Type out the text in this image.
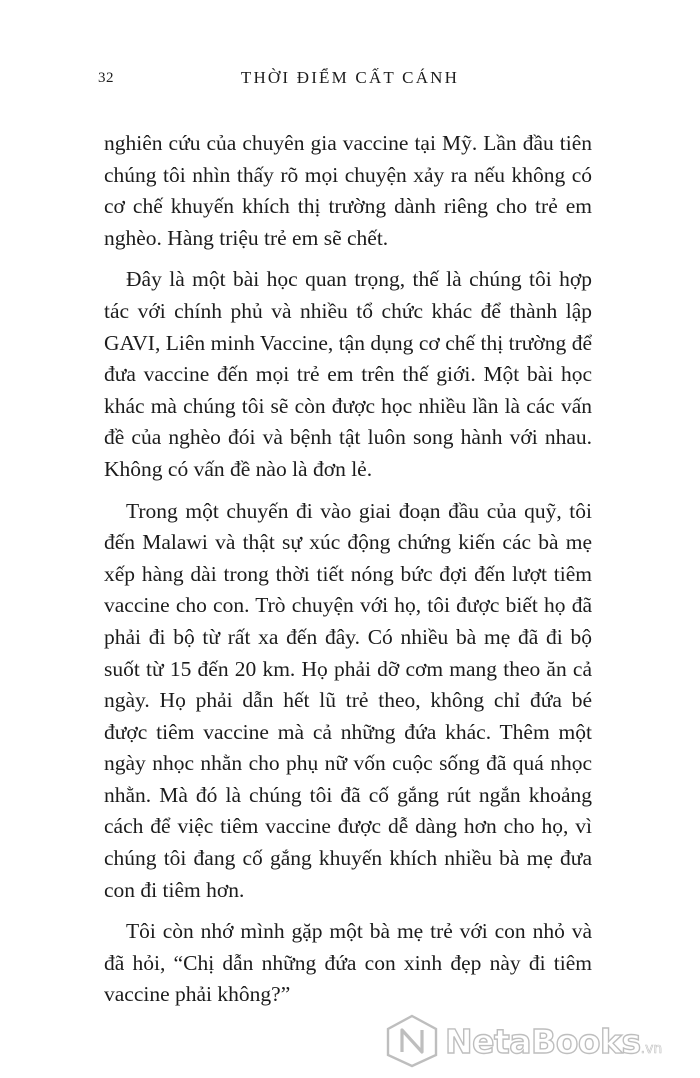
32	THỜI ĐIỂM CẤT CÁNH

nghiên cứu của chuyên gia vaccine tại Mỹ. Lần đầu tiên chúng tôi nhìn thấy rõ mọi chuyện xảy ra nếu không có cơ chế khuyến khích thị trường dành riêng cho trẻ em nghèo. Hàng triệu trẻ em sẽ chết.

Đây là một bài học quan trọng, thế là chúng tôi hợp tác với chính phủ và nhiều tổ chức khác để thành lập GAVI, Liên minh Vaccine, tận dụng cơ chế thị trường để đưa vaccine đến mọi trẻ em trên thế giới. Một bài học khác mà chúng tôi sẽ còn được học nhiều lần là các vấn đề của nghèo đói và bệnh tật luôn song hành với nhau. Không có vấn đề nào là đơn lẻ.

Trong một chuyến đi vào giai đoạn đầu của quỹ, tôi đến Malawi và thật sự xúc động chứng kiến các bà mẹ xếp hàng dài trong thời tiết nóng bức đợi đến lượt tiêm vaccine cho con. Trò chuyện với họ, tôi được biết họ đã phải đi bộ từ rất xa đến đây. Có nhiều bà mẹ đã đi bộ suốt từ 15 đến 20 km. Họ phải dỡ cơm mang theo ăn cả ngày. Họ phải dẫn hết lũ trẻ theo, không chỉ đứa bé được tiêm vaccine mà cả những đứa khác. Thêm một ngày nhọc nhằn cho phụ nữ vốn cuộc sống đã quá nhọc nhằn. Mà đó là chúng tôi đã cố gắng rút ngắn khoảng cách để việc tiêm vaccine được dễ dàng hơn cho họ, vì chúng tôi đang cố gắng khuyến khích nhiều bà mẹ đưa con đi tiêm hơn.

Tôi còn nhớ mình gặp một bà mẹ trẻ với con nhỏ và đã hỏi, “Chị dẫn những đứa con xinh đẹp này đi tiêm vaccine phải không?”

NetaBooks.vn
